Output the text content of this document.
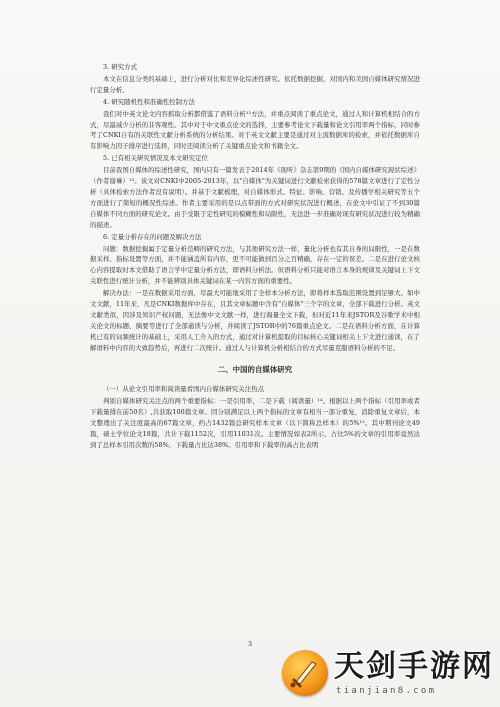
3. 研究方式
本文在信息分类的基础上，进行分析对比和差异化综述性研究。依托数据挖掘，对国内和美国自媒体研究情况进行定量分析。
4. 研究随机性和准确性控制方法
我们对中英文论文内容抓取分析都借鉴了语料分析¹²方法，并重点阅读了重点论文，通过人和计算机相结合的方式，尽最减少分析的非客观性。其中对于中文重点论文的选择，主要参考论文下载量和论文引用率两个指标，同时参考了CNKI自有的关联性文献分析系统的分析结果。对于英文文献主要是通过对主流数据库的检索，并依托数据库自有影响力因子排序进行选择，同时还阅读分析了关键重点论文和书籍全文。
5. 已有相关研究情况及本文研究定位
目前我国自媒体的综述性研究，国内只有一篇发表于2014年《现听》杂志第9期的《国内自媒体研究现状综述》（作者谢琳）¹³。该文对CNKI中2005-2013年，以"自媒体"为关键词进行文献检索获得的578篇文章进行了定性分析（具体检索方法作者没有说明）。并基于文献梳理，对自媒体形式、特征、影响、营销、及传播学相关研究等五个方面进行了简短的概况性综述。作者主要采用的是以点带面的方式对研究状况进行概述，在论文中引证了不到30篇自媒体不同方面的研究论文。由于受限于定性研究的模糊性和局限性，无法进一步准确对现有研究状况进行较为精确的描述。
6. 定量分析存在的问题及解决方法
问题：数据挖掘属于定量分析范畴的研究方法，与其他研究方法一样，量化分析也有其自身的局限性，一是在数据采样、指标设置等方面，并不能涵盖所有内容，更不可能做到百分之百精确，存在一定的误差。二是在进行论文核心内容提取时本文借助了语言学中定量分析方法，即语料分析法。但语料分析只能对语言本身的规律及关键词上下文关联性进行统计分析，并不能辨别具体关键词在某一内容方面的重要性。
解决办法：一是在数据采用方面，尽最大可能地采用了全样本分析方法，即将样本选取范围设置到足够大。如中文文献，11年来，凡是CNKI数据库中存在，且其文章标题中含有"自媒体"三个字的文章，全部下载进行分析。英文文献类似，因涉及知识产权问题，无法像中文文献一样，进行海量全文下载，但对近11年来JSTOR及谷歌学术中相关论文的标题、摘要等进行了全部通读与分析，并阅读了JSTOR中的76篇重点论文。二是在语料分析方面，在计算机已有的词频统计的基础上，采用人工介入的方式，通过对计算机提取的目标核心关键词相关上下文进行通读，在了解语料中内容的大致趋势后，再进行二次统计。通过人与计算机分析相结合的方式尽量克服语料分析的不足。
二、中国的自媒体研究
（一）从论文引用率和阅读量看国内自媒体研究关注热点
判别自媒体研究关注点的两个重要指标：一是引用率，二是下载（阅读量）¹⁴。根据以上两个指标（引用率或者下载量排在前50名）,共获取100篇文章。因分别满足以上两个指标的文章有相当一部分重复，消除重复文章后，本文整理出了关注度最高的67篇文章，约占1432篇总研究样本文章（以下简称总样本）的5%¹⁵。其中期刊论文49篇，硕士学位论文18篇，共计下载1152次，引用11031次。主要情况如表2所示，占比5%的文章的引用率竟然达到了总样本引用次数的58%，下载量占比达38%。引用率和下载率的高占比表明
3
天剑手游网
tianjian8.com
